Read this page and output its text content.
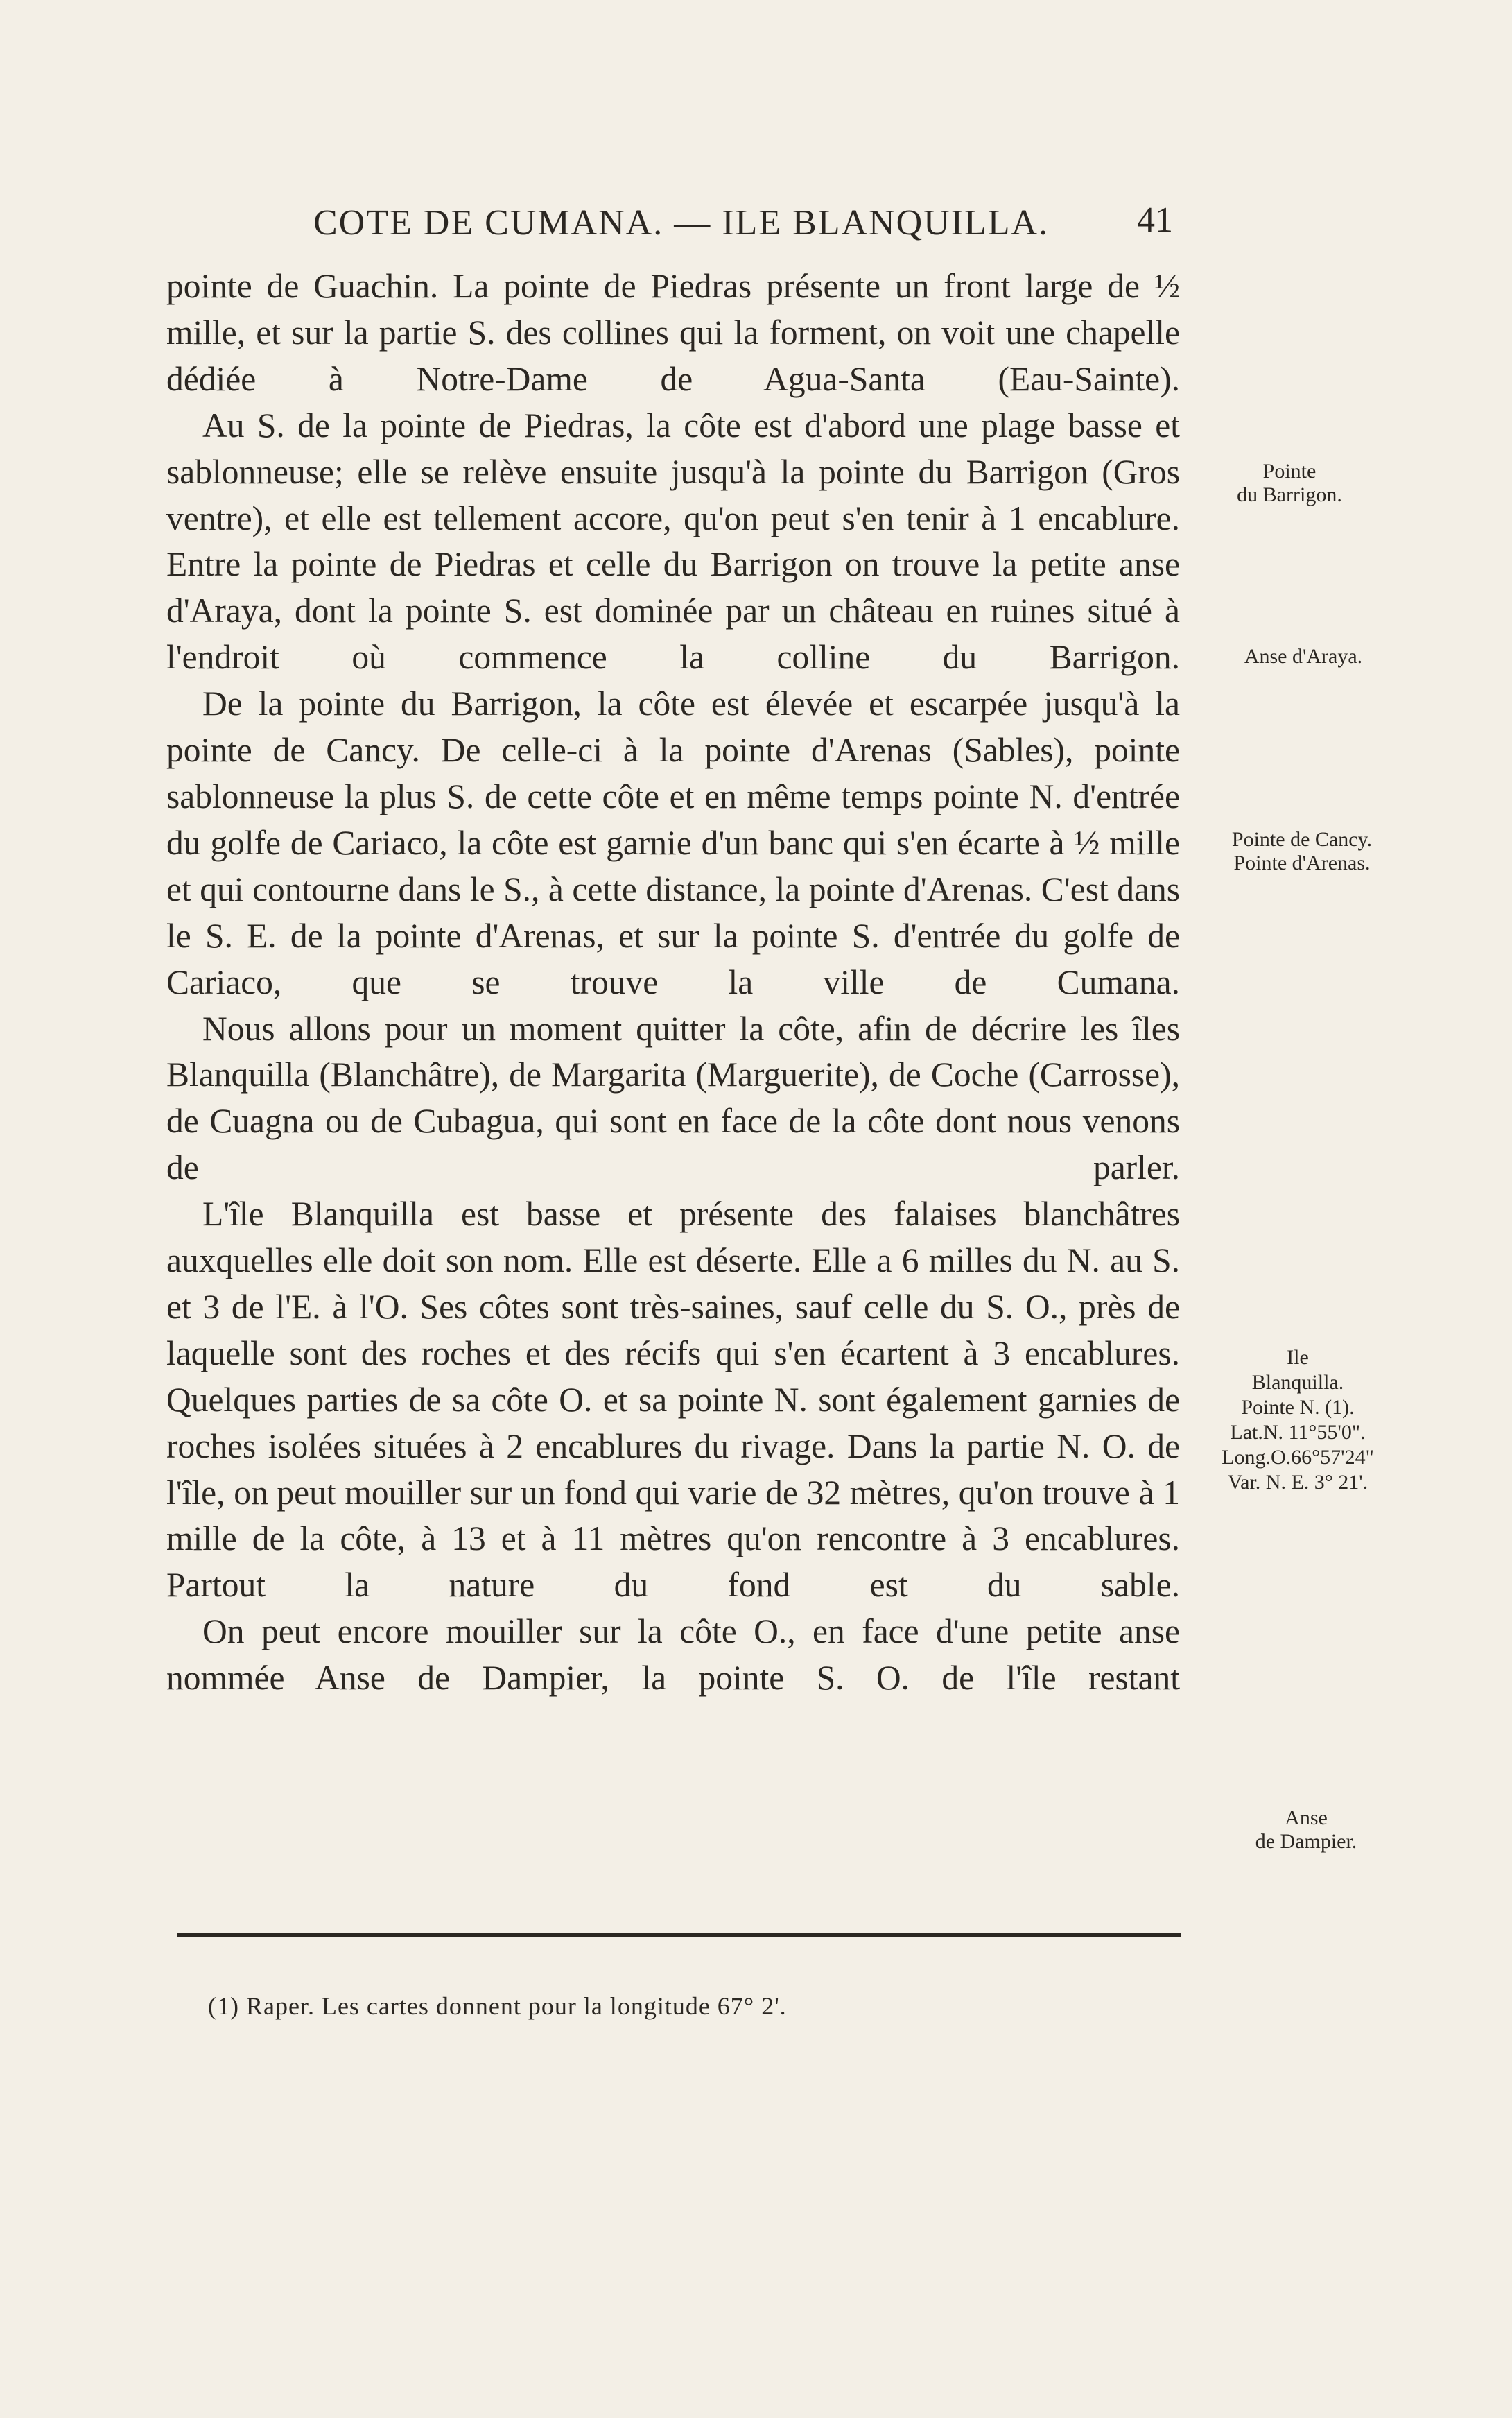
COTE DE CUMANA. — ILE BLANQUILLA. 41

pointe de Guachin. La pointe de Piedras présente un front large de ½ mille, et sur la partie S. des collines qui la forment, on voit une chapelle dédiée à Notre-Dame de Agua-Santa (Eau-Sainte).

Au S. de la pointe de Piedras, la côte est d'abord une plage basse et sablonneuse; elle se relève ensuite jusqu'à la pointe du Barrigon (Gros ventre), et elle est tellement accore, qu'on peut s'en tenir à 1 encablure. Entre la pointe de Piedras et celle du Barrigon on trouve la petite anse d'Araya, dont la pointe S. est dominée par un château en ruines situé à l'endroit où commence la colline du Barrigon.

De la pointe du Barrigon, la côte est élevée et escarpée jusqu'à la pointe de Cancy. De celle-ci à la pointe d'Arenas (Sables), pointe sablonneuse la plus S. de cette côte et en même temps pointe N. d'entrée du golfe de Cariaco, la côte est garnie d'un banc qui s'en écarte à ½ mille et qui contourne dans le S., à cette distance, la pointe d'Arenas. C'est dans le S. E. de la pointe d'Arenas, et sur la pointe S. d'entrée du golfe de Cariaco, que se trouve la ville de Cumana.

Nous allons pour un moment quitter la côte, afin de décrire les îles Blanquilla (Blanchâtre), de Margarita (Marguerite), de Coche (Carrosse), de Cuagna ou de Cubagua, qui sont en face de la côte dont nous venons de parler.

L'île Blanquilla est basse et présente des falaises blanchâtres auxquelles elle doit son nom. Elle est déserte. Elle a 6 milles du N. au S. et 3 de l'E. à l'O. Ses côtes sont très-saines, sauf celle du S. O., près de laquelle sont des roches et des récifs qui s'en écartent à 3 encablures. Quelques parties de sa côte O. et sa pointe N. sont également garnies de roches isolées situées à 2 encablures du rivage. Dans la partie N. O. de l'île, on peut mouiller sur un fond qui varie de 32 mètres, qu'on trouve à 1 mille de la côte, à 13 et à 11 mètres qu'on rencontre à 3 encablures. Partout la nature du fond est du sable.

On peut encore mouiller sur la côte O., en face d'une petite anse nommée Anse de Dampier, la pointe S. O. de l'île restant

Pointe
du Barrigon.
Anse d'Araya.
Pointe de Cancy.
Pointe d'Arenas.
Ile
Blanquilla.
Pointe N. (1).
Lat.N. 11°55'0".
Long.O.66°57'24"
Var. N. E. 3° 21'.
Anse
de Dampier.
(1) Raper. Les cartes donnent pour la longitude 67° 2'.
